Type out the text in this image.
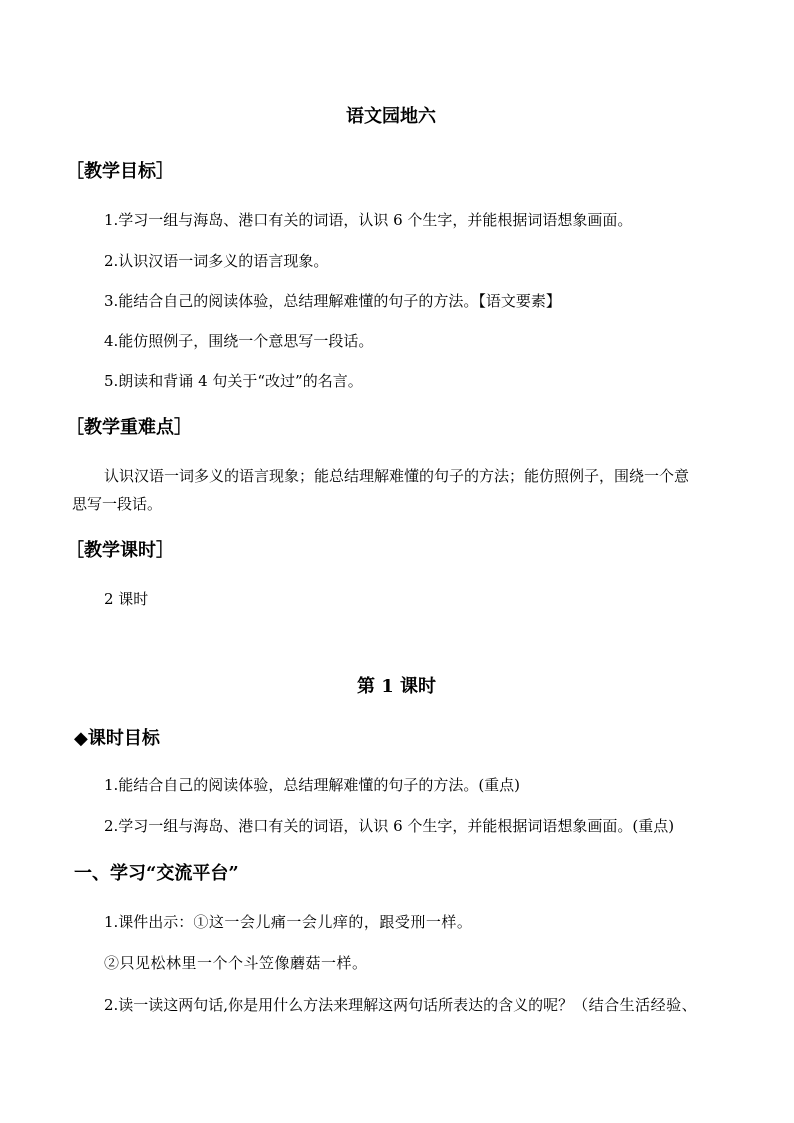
语文园地六
［教学目标］
1.学习一组与海岛、港口有关的词语，认识 6 个生字，并能根据词语想象画面。
2.认识汉语一词多义的语言现象。
3.能结合自己的阅读体验，总结理解难懂的句子的方法。【语文要素】
4.能仿照例子，围绕一个意思写一段话。
5.朗读和背诵 4 句关于“改过”的名言。
［教学重难点］
认识汉语一词多义的语言现象；能总结理解难懂的句子的方法；能仿照例子，围绕一个意
思写一段话。
［教学课时］
2 课时
第 1 课时
◆课时目标
1.能结合自己的阅读体验，总结理解难懂的句子的方法。(重点)
2.学习一组与海岛、港口有关的词语，认识 6 个生字，并能根据词语想象画面。(重点)
一、学习“交流平台”
1.课件出示：①这一会儿痛一会儿痒的，跟受刑一样。
②只见松林里一个个斗笠像蘑菇一样。
2.读一读这两句话,你是用什么方法来理解这两句话所表达的含义的呢？（结合生活经验、
